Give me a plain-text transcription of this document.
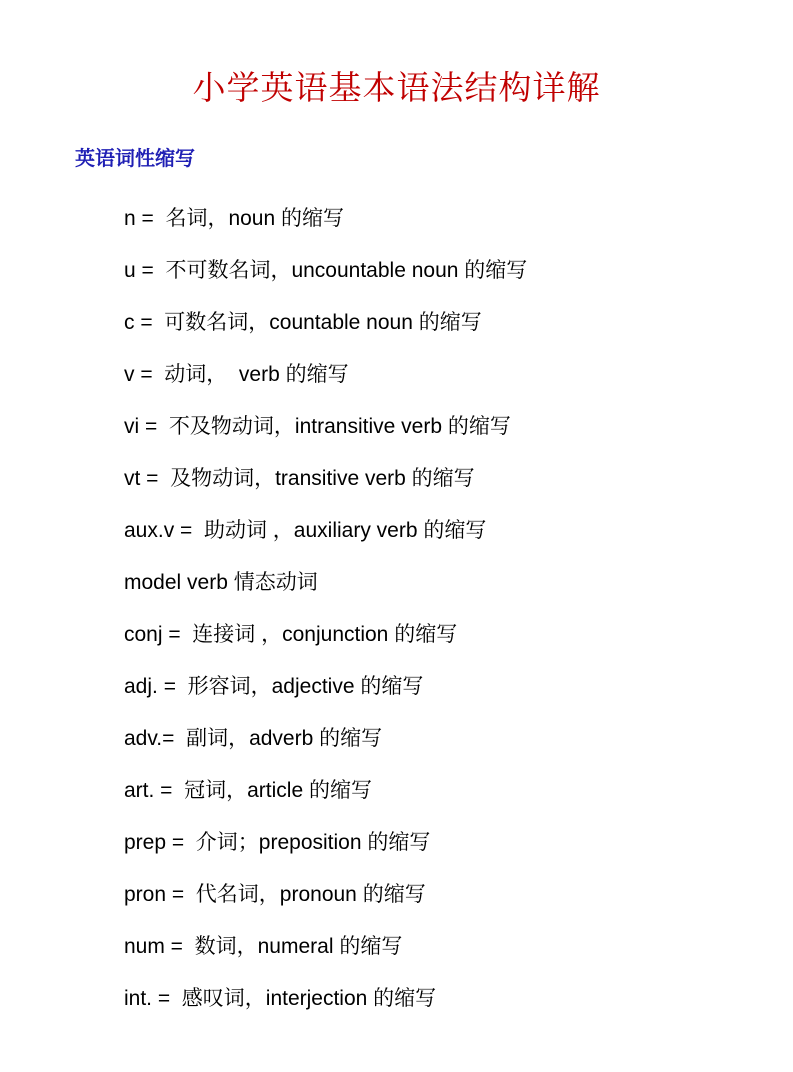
小学英语基本语法结构详解
英语词性缩写
n =  名词，noun 的缩写
u =  不可数名词，uncountable noun 的缩写
c =  可数名词，countable noun 的缩写
v =  动词，  verb 的缩写
vi =  不及物动词，intransitive verb 的缩写
vt =  及物动词，transitive verb 的缩写
aux.v =  助动词 ，auxiliary verb 的缩写
model verb 情态动词
conj =  连接词 ，conjunction 的缩写
adj. =  形容词，adjective 的缩写
adv.=  副词，adverb 的缩写
art. =  冠词，article 的缩写
prep =  介词；preposition 的缩写
pron =  代名词，pronoun 的缩写
num =  数词，numeral 的缩写
int. =  感叹词，interjection 的缩写
